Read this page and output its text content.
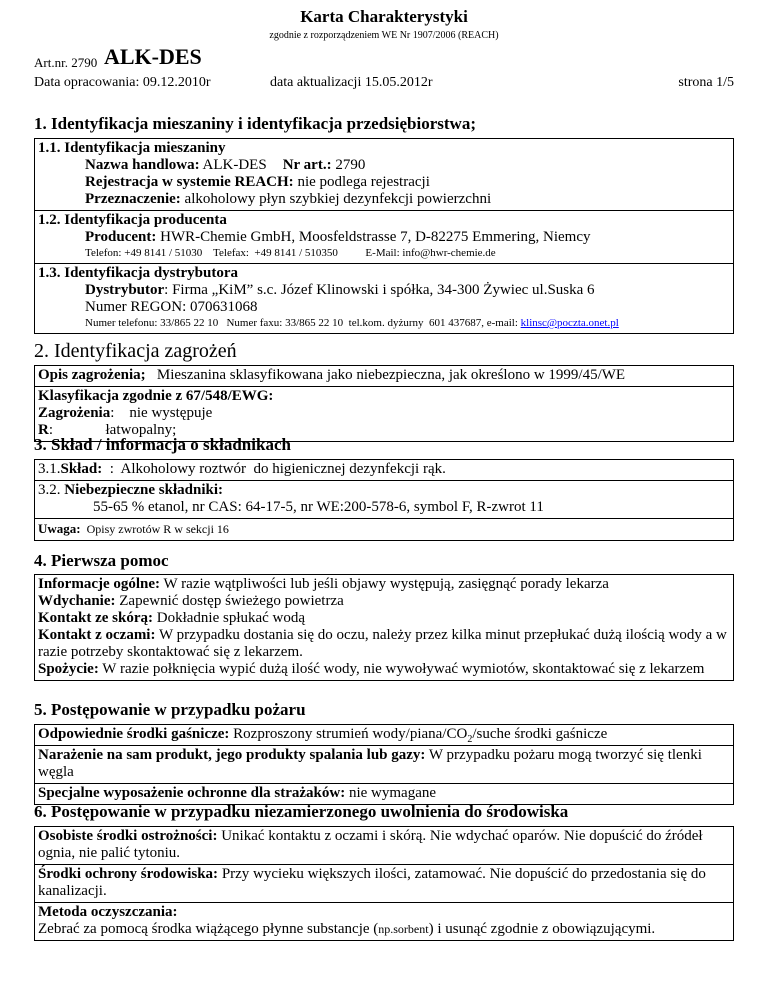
Karta Charakterystyki
zgodnie z rozporządzeniem WE Nr 1907/2006 (REACH)
Art.nr. 2790 ALK-DES
Data opracowania: 09.12.2010r	data aktualizacji 15.05.2012r	strona 1/5
1. Identyfikacja mieszaniny i identyfikacja przedsiębiorstwa;
1.1. Identyfikacja mieszaniny
Nazwa handlowa: ALK-DES Nr art.: 2790
Rejestracja w systemie REACH: nie podlega rejestracji
Przeznaczenie: alkoholowy płyn szybkiej dezynfekcji powierzchni
1.2. Identyfikacja producenta
Producent: HWR-Chemie GmbH, Moosfeldstrasse 7, D-82275 Emmering, Niemcy
Telefon: +49 8141 / 51030    Telefax:  +49 8141 / 510350          E-Mail: info@hwr-chemie.de
1.3. Identyfikacja dystrybutora
Dystrybutor: Firma „KiM” s.c. Józef Klinowski i spółka, 34-300 Żywiec ul.Suska 6
Numer REGON: 070631068
Numer telefonu: 33/865 22 10   Numer faxu: 33/865 22 10  tel.kom. dyżurny  601 437687, e-mail: klinsc@poczta.onet.pl
2. Identyfikacja zagrożeń
Opis zagrożenia;   Mieszanina sklasyfikowana jako niebezpieczna, jak określono w 1999/45/WE
Klasyfikacja zgodnie z 67/548/EWG:
Zagrożenia:    nie występuje
R:              łatwopalny;
3. Skład / informacja o składnikach
3.1.Skład:  :  Alkoholowy roztwór  do higienicznej dezynfekcji rąk.
3.2. Niebezpieczne składniki:
55-65 % etanol, nr CAS: 64-17-5, nr WE:200-578-6, symbol F, R-zwrot 11
Uwaga:  Opisy zwrotów R w sekcji 16
4. Pierwsza pomoc
Informacje ogólne: W razie wątpliwości lub jeśli objawy występują, zasięgnąć porady lekarza
Wdychanie: Zapewnić dostęp świeżego powietrza
Kontakt ze skórą: Dokładnie spłukać wodą
Kontakt z oczami: W przypadku dostania się do oczu, należy przez kilka minut przepłukać dużą ilością wody a w razie potrzeby skontaktować się z lekarzem.
Spożycie: W razie połknięcia wypić dużą ilość wody, nie wywoływać wymiotów, skontaktować się z lekarzem
5. Postępowanie w przypadku pożaru
Odpowiednie środki gaśnicze: Rozproszony strumień wody/$piana/CO_2$/suche środki gaśnicze
Narażenie na sam produkt, jego produkty spalania lub gazy: W przypadku pożaru mogą tworzyć się tlenki węgla
Specjalne wyposażenie ochronne dla strażaków: nie wymagane
6. Postępowanie w przypadku niezamierzonego uwolnienia do środowiska
Osobiste środki ostrożności: Unikać kontaktu z oczami i skórą. Nie wdychać oparów. Nie dopuścić do źródeł ognia, nie palić tytoniu.
Środki ochrony środowiska: Przy wycieku większych ilości, zatamować. Nie dopuścić do przedostania się do kanalizacji.
Metoda oczyszczania:
Zebrać za pomocą środka wiążącego płynne substancje (np.sorbent) i usunąć zgodnie z obowiązującymi.
